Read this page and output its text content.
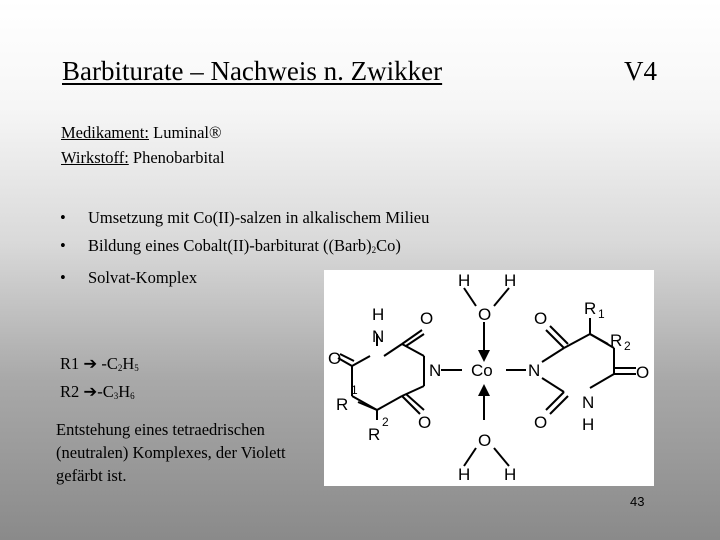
Barbiturate – Nachweis n. Zwikker	V4
Medikament: Luminal®
Wirkstoff: Phenobarbital
• Umsetzung mit Co(II)-salzen in alkalischem Milieu
• Bildung eines Cobalt(II)-barbiturat $((Barb)_2Co)$
• Solvat-Komplex
R1 ➔ $-C_2H_5$
R2 $➔-C_3H_6$
Entstehung eines tetraedrischen (neutralen) Komplexes, der Violett gefärbt ist.
H H
O
H
N
O
O
N Co N
R
1
R
2 O
O
R 1
R 2
O
O
N
H
O
H H
43
